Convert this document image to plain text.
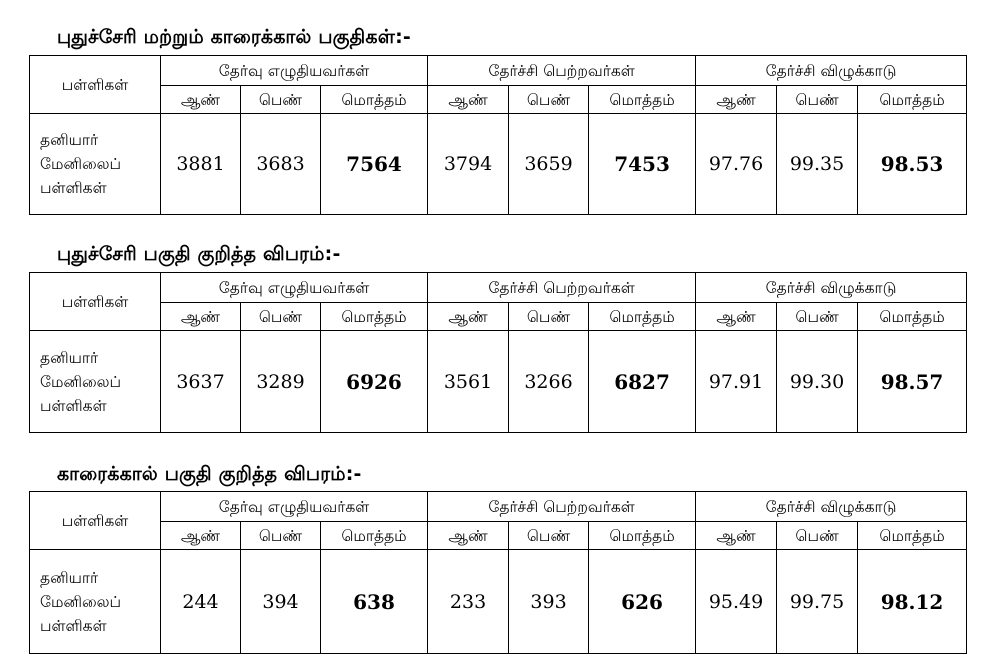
புதுச்சேரி மற்றும் காரைக்கால் பகுதிகள்:-
பள்ளிகள்	தேர்வு எழுதியவர்கள்			தேர்ச்சி பெற்றவர்கள்			தேர்ச்சி விழுக்காடு		
	ஆண்	பெண்	மொத்தம்	ஆண்	பெண்	மொத்தம்	ஆண்	பெண்	மொத்தம்

தனியார்
மேனிலைப்
பள்ளிகள்	3881	3683	7564	3794	3659	7453	97.76	99.35	98.53
புதுச்சேரி பகுதி குறித்த விபரம்:-
பள்ளிகள்	தேர்வு எழுதியவர்கள்			தேர்ச்சி பெற்றவர்கள்			தேர்ச்சி விழுக்காடு		
	ஆண்	பெண்	மொத்தம்	ஆண்	பெண்	மொத்தம்	ஆண்	பெண்	மொத்தம்

தனியார்
மேனிலைப்
பள்ளிகள்	3637	3289	6926	3561	3266	6827	97.91	99.30	98.57
காரைக்கால் பகுதி குறித்த விபரம்:-
பள்ளிகள்	தேர்வு எழுதியவர்கள்			தேர்ச்சி பெற்றவர்கள்			தேர்ச்சி விழுக்காடு		
	ஆண்	பெண்	மொத்தம்	ஆண்	பெண்	மொத்தம்	ஆண்	பெண்	மொத்தம்

தனியார்
மேனிலைப்
பள்ளிகள்	244	394	638	233	393	626	95.49	99.75	98.12
